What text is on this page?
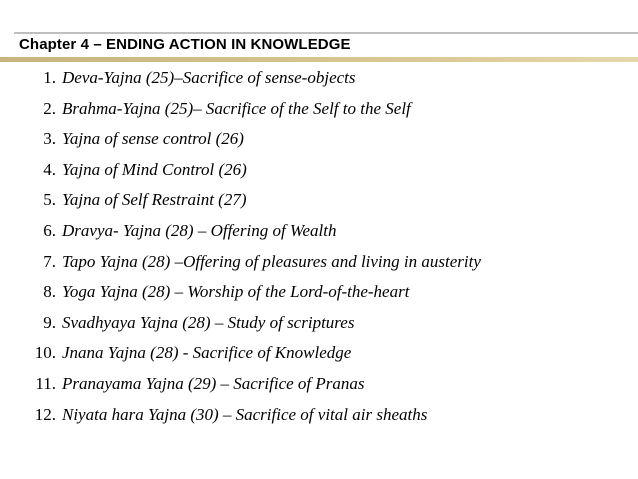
Chapter 4 – ENDING ACTION IN KNOWLEDGE
1. Deva-Yajna (25)–Sacrifice of sense-objects
2. Brahma-Yajna (25)– Sacrifice of the Self to the Self
3. Yajna of sense control (26)
4. Yajna of Mind Control (26)
5. Yajna of Self Restraint (27)
6. Dravya- Yajna (28) – Offering of Wealth
7. Tapo Yajna (28) –Offering of pleasures and living in austerity
8. Yoga Yajna (28) – Worship of the Lord-of-the-heart
9. Svadhyaya Yajna (28) – Study of scriptures
10. Jnana Yajna (28) - Sacrifice of Knowledge
11. Pranayama Yajna (29) – Sacrifice of Pranas
12. Niyata hara Yajna (30) – Sacrifice of vital air sheaths
